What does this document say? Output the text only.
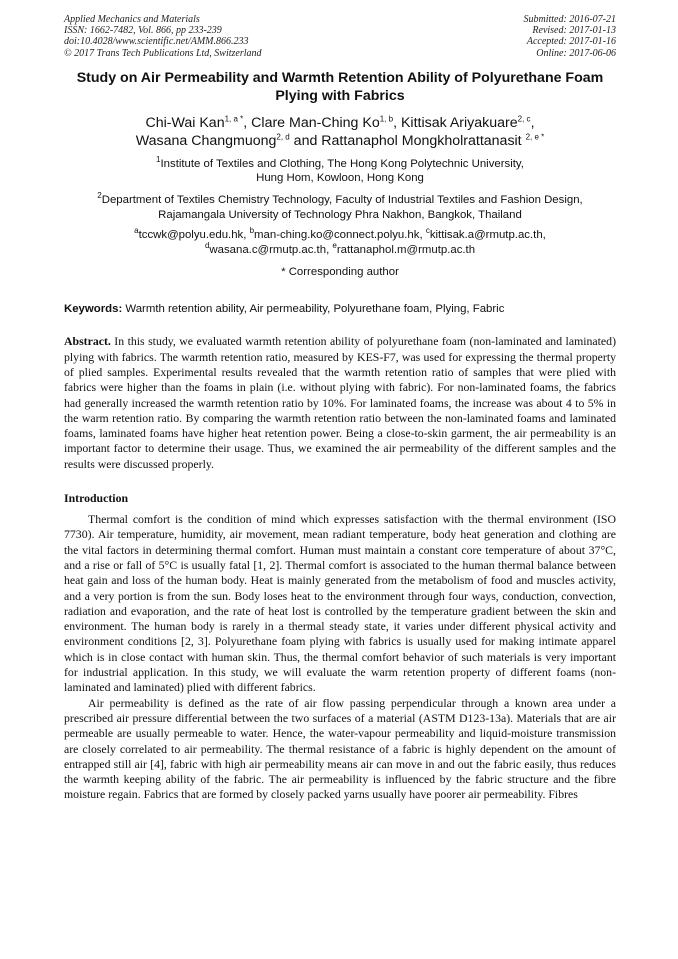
Applied Mechanics and Materials
ISSN: 1662-7482, Vol. 866, pp 233-239
doi:10.4028/www.scientific.net/AMM.866.233
© 2017 Trans Tech Publications Ltd, Switzerland
Submitted: 2016-07-21
Revised: 2017-01-13
Accepted: 2017-01-16
Online: 2017-06-06
Study on Air Permeability and Warmth Retention Ability of Polyurethane Foam Plying with Fabrics
Chi-Wai Kan$^{1, a *}$, Clare Man-Ching Ko$^{1, b}$, Kittisak Ariyakuare$^{2, c}$,
Wasana Changmuong$^{2, d}$ and Rattanaphol Mongkholrattanasit $^{2, e *}$
$^1$Institute of Textiles and Clothing, The Hong Kong Polytechnic University,
Hung Hom, Kowloon, Hong Kong
$^2$Department of Textiles Chemistry Technology, Faculty of Industrial Textiles and Fashion Design,
Rajamangala University of Technology Phra Nakhon, Bangkok, Thailand
$^a$tccwk@polyu.edu.hk, $^b$man-ching.ko@connect.polyu.hk, $^c$kittisak.a@rmutp.ac.th,
$^d$wasana.c@rmutp.ac.th, $^e$rattanaphol.m@rmutp.ac.th
* Corresponding author
Keywords: Warmth retention ability, Air permeability, Polyurethane foam, Plying, Fabric
Abstract. In this study, we evaluated warmth retention ability of polyurethane foam (non-laminated and laminated) plying with fabrics. The warmth retention ratio, measured by KES-F7, was used for expressing the thermal property of plied samples. Experimental results revealed that the warmth retention ratio of samples that were plied with fabrics were higher than the foams in plain (i.e. without plying with fabric). For non-laminated foams, the fabrics had generally increased the warmth retention ratio by 10%. For laminated foams, the increase was about 4 to 5% in the warm retention ratio. By comparing the warmth retention ratio between the non-laminated foams and laminated foams, laminated foams have higher heat retention power. Being a close-to-skin garment, the air permeability is an important factor to determine their usage. Thus, we examined the air permeability of the different samples and the results were discussed properly.
Introduction
Thermal comfort is the condition of mind which expresses satisfaction with the thermal environment (ISO 7730). Air temperature, humidity, air movement, mean radiant temperature, body heat generation and clothing are the vital factors in determining thermal comfort. Human must maintain a constant core temperature of about 37°C, and a rise or fall of 5°C is usually fatal [1, 2]. Thermal comfort is associated to the human thermal balance between heat gain and loss of the human body. Heat is mainly generated from the metabolism of food and muscles activity, and a very portion is from the sun. Body loses heat to the environment through four ways, conduction, convection, radiation and evaporation, and the rate of heat lost is controlled by the temperature gradient between the skin and environment. The human body is rarely in a thermal steady state, it varies under different physical activity and environment conditions [2, 3]. Polyurethane foam plying with fabrics is usually used for making intimate apparel which is in close contact with human skin. Thus, the thermal comfort behavior of such materials is very important for industrial application. In this study, we will evaluate the warm retention property of different foams (non-laminated and laminated) plied with different fabrics.
Air permeability is defined as the rate of air flow passing perpendicular through a known area under a prescribed air pressure differential between the two surfaces of a material (ASTM D123-13a). Materials that are air permeable are usually permeable to water. Hence, the water-vapour permeability and liquid-moisture transmission are closely correlated to air permeability. The thermal resistance of a fabric is highly dependent on the amount of entrapped still air [4], fabric with high air permeability means air can move in and out the fabric easily, thus reduces the warmth keeping ability of the fabric. The air permeability is influenced by the fabric structure and the fibre moisture regain. Fabrics that are formed by closely packed yarns usually have poorer air permeability. Fibres
